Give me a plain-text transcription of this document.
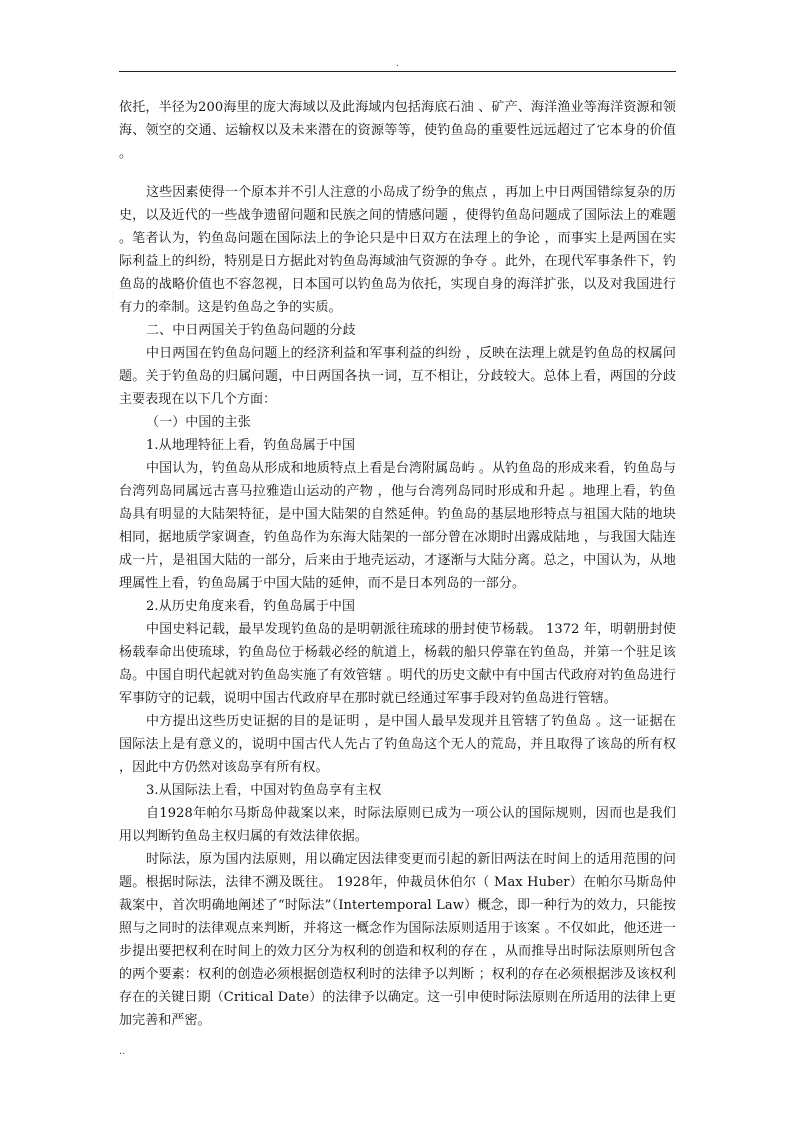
.

依托，半径为200海里的庞大海域以及此海域内包括海底石油 、矿产、海洋渔业等海洋资源和领海、领空的交通、运输权以及未来潜在的资源等等，使钓鱼岛的重要性远远超过了它本身的价值 。

这些因素使得一个原本并不引人注意的小岛成了纷争的焦点 ，再加上中日两国错综复杂的历史，以及近代的一些战争遗留问题和民族之间的情感问题 ，使得钓鱼岛问题成了国际法上的难题 。笔者认为，钓鱼岛问题在国际法上的争论只是中日双方在法理上的争论 ，而事实上是两国在实际利益上的纠纷，特别是日方据此对钓鱼岛海域油气资源的争夺 。此外，在现代军事条件下，钓鱼岛的战略价值也不容忽视，日本国可以钓鱼岛为依托，实现自身的海洋扩张，以及对我国进行有力的牵制。这是钓鱼岛之争的实质。

二、中日两国关于钓鱼岛问题的分歧

中日两国在钓鱼岛问题上的经济利益和军事利益的纠纷 ，反映在法理上就是钓鱼岛的权属问题。关于钓鱼岛的归属问题，中日两国各执一词，互不相让，分歧较大。总体上看，两国的分歧主要表现在以下几个方面：

（一）中国的主张

1.从地理特征上看，钓鱼岛属于中国

中国认为，钓鱼岛从形成和地质特点上看是台湾附属岛屿 。从钓鱼岛的形成来看，钓鱼岛与台湾列岛同属远古喜马拉雅造山运动的产物 ，他与台湾列岛同时形成和升起 。地理上看，钓鱼岛具有明显的大陆架特征，是中国大陆架的自然延伸。钓鱼岛的基层地形特点与祖国大陆的地块相同，据地质学家调查，钓鱼岛作为东海大陆架的一部分曾在冰期时出露成陆地 ，与我国大陆连成一片，是祖国大陆的一部分，后来由于地壳运动，才逐渐与大陆分离。总之，中国认为，从地理属性上看，钓鱼岛属于中国大陆的延伸，而不是日本列岛的一部分。

2.从历史角度来看，钓鱼岛属于中国

中国史料记载，最早发现钓鱼岛的是明朝派往琉球的册封使节杨载。 1372 年，明朝册封使杨载奉命出使琉球，钓鱼岛位于杨载必经的航道上，杨载的船只停靠在钓鱼岛，并第一个驻足该岛。中国自明代起就对钓鱼岛实施了有效管辖 。明代的历史文献中有中国古代政府对钓鱼岛进行军事防守的记载，说明中国古代政府早在那时就已经通过军事手段对钓鱼岛进行管辖。

中方提出这些历史证据的目的是证明 ，是中国人最早发现并且管辖了钓鱼岛 。这一证据在国际法上是有意义的，说明中国古代人先占了钓鱼岛这个无人的荒岛，并且取得了该岛的所有权 ，因此中方仍然对该岛享有所有权。

3.从国际法上看，中国对钓鱼岛享有主权

自1928年帕尔马斯岛仲裁案以来，时际法原则已成为一项公认的国际规则，因而也是我们用以判断钓鱼岛主权归属的有效法律依据。

时际法，原为国内法原则，用以确定因法律变更而引起的新旧两法在时间上的适用范围的问题。根据时际法，法律不溯及既往。 1928年，仲裁员休伯尔（ Max Huber）在帕尔马斯岛仲裁案中，首次明确地阐述了“时际法”（Intertemporal Law）概念，即一种行为的效力，只能按照与之同时的法律观点来判断，并将这一概念作为国际法原则适用于该案 。不仅如此，他还进一步提出要把权利在时间上的效力区分为权利的创造和权利的存在 ，从而推导出时际法原则所包含的两个要素：权利的创造必须根据创造权利时的法律予以判断 ；权利的存在必须根据涉及该权利存在的关键日期（Critical Date）的法律予以确定。这一引申使时际法原则在所适用的法律上更加完善和严密。

..
